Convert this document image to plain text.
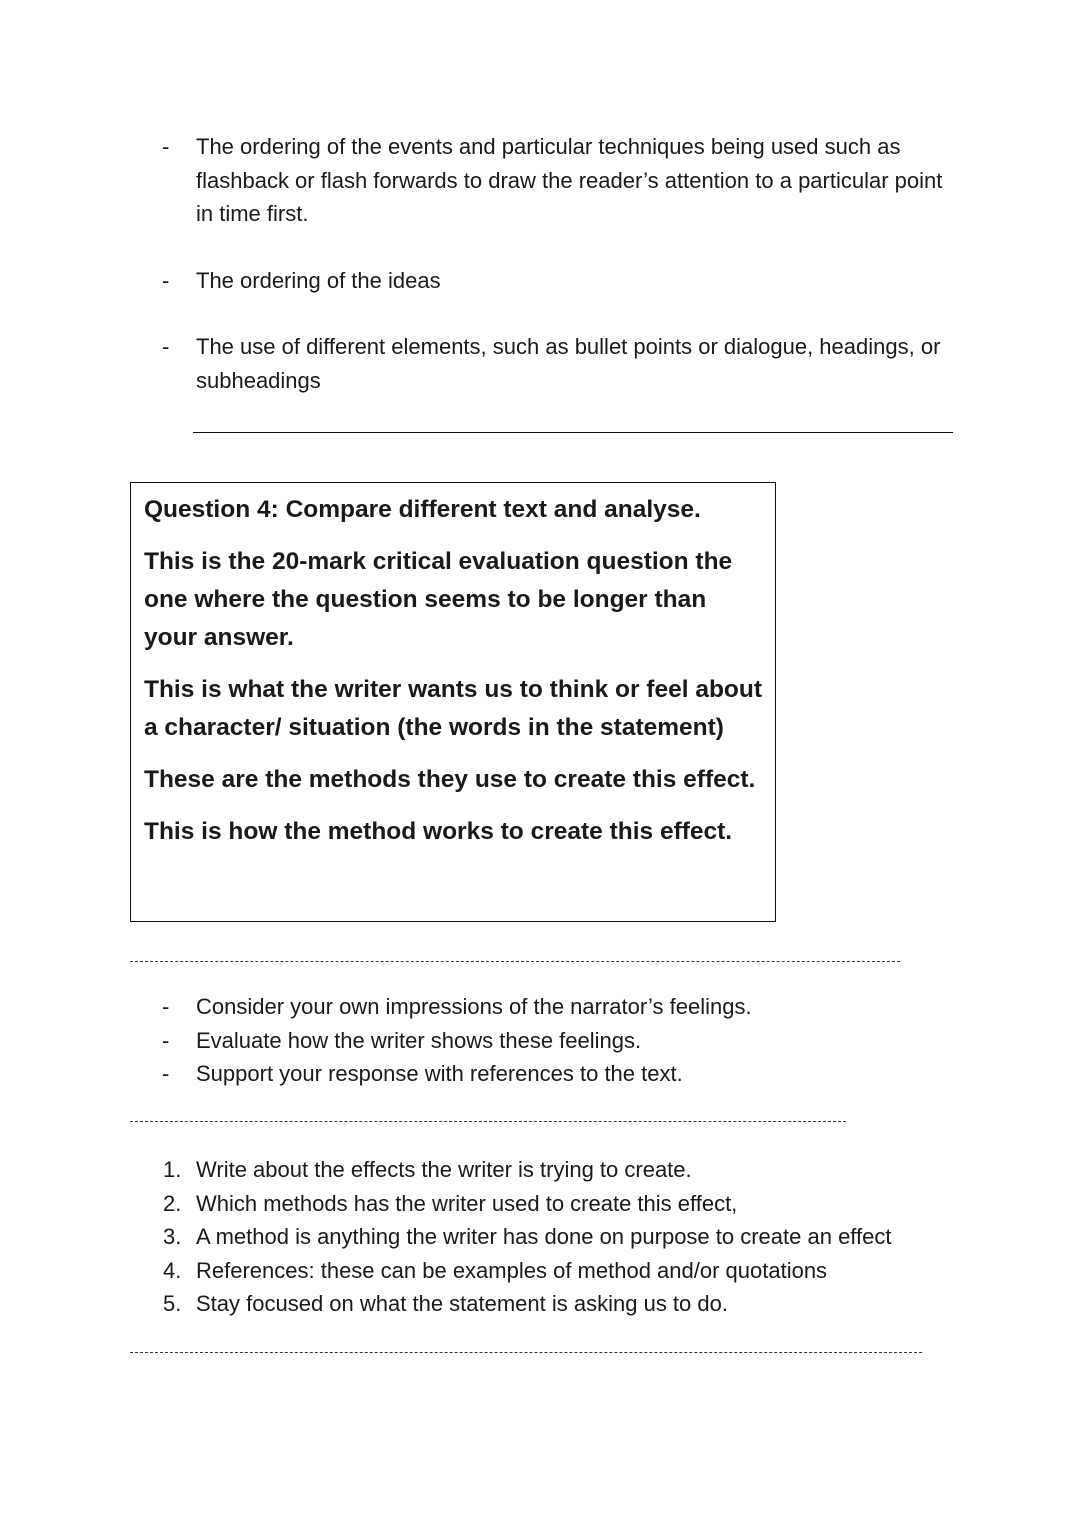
- The ordering of the events and particular techniques being used such as flashback or flash forwards to draw the reader’s attention to a particular point in time first.
- The ordering of the ideas
- The use of different elements, such as bullet points or dialogue, headings, or subheadings

Question 4: Compare different text and analyse.

This is the 20-mark critical evaluation question the one where the question seems to be longer than your answer.

This is what the writer wants us to think or feel about a character/ situation (the words in the statement)

These are the methods they use to create this effect.

This is how the method works to create this effect.

- Consider your own impressions of the narrator’s feelings.
- Evaluate how the writer shows these feelings.
- Support your response with references to the text.
1. Write about the effects the writer is trying to create.
2. Which methods has the writer used to create this effect,
3. A method is anything the writer has done on purpose to create an effect
4. References: these can be examples of method and/or quotations
5. Stay focused on what the statement is asking us to do.
